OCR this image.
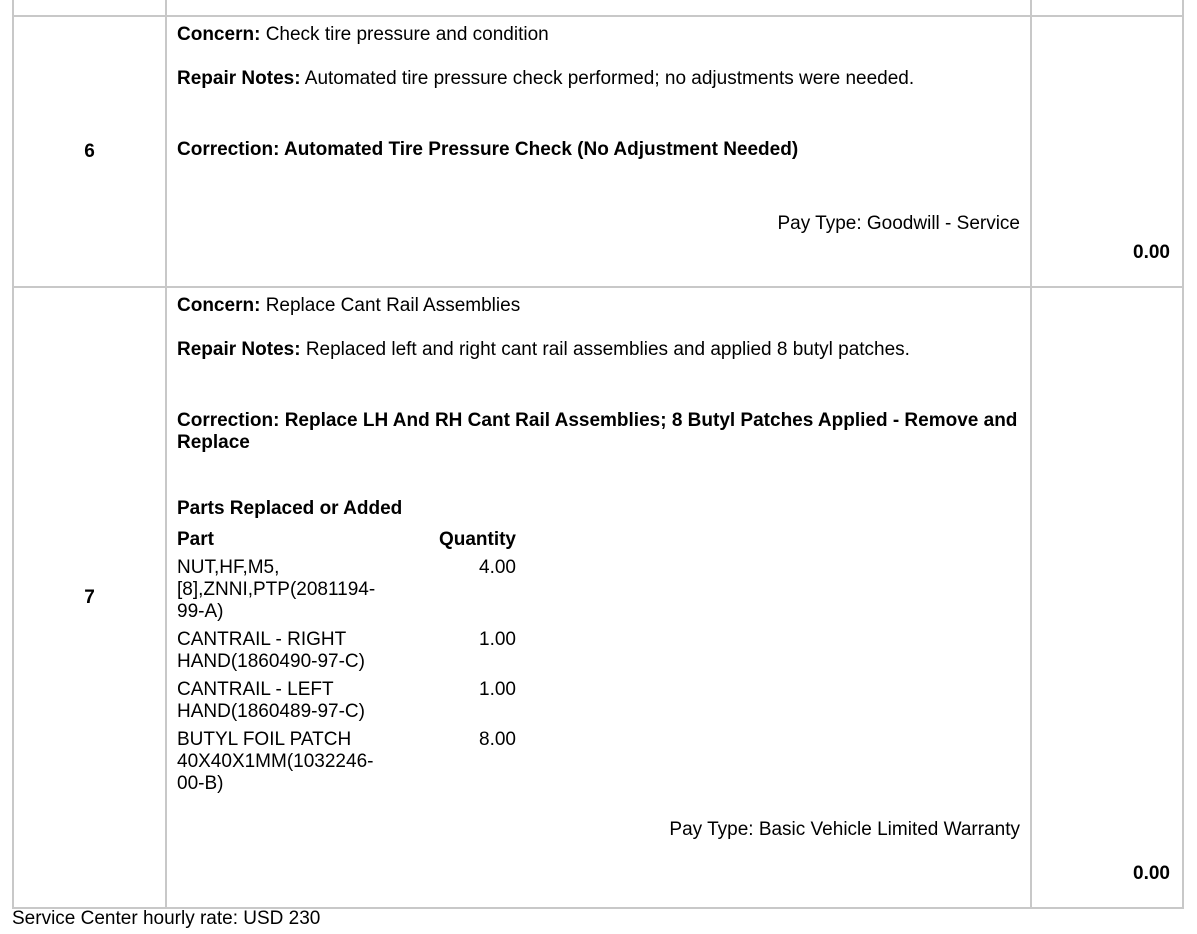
6	

Concern: Check tire pressure and condition

Repair Notes: Automated tire pressure check performed; no adjustments were needed.

Correction: Automated Tire Pressure Check (No Adjustment Needed)

Pay Type: Goodwill - Service

	0.00
7	

Concern: Replace Cant Rail Assemblies

Repair Notes: Replaced left and right cant rail assemblies and applied 8 butyl patches.

Correction: Replace LH And RH Cant Rail Assemblies; 8 Butyl Patches Applied - Remove and Replace

Parts Replaced or Added

Part	Quantity
NUT,HF,M5,[8],ZNNI,PTP(2081194-99-A)	4.00
CANTRAIL - RIGHT HAND(1860490-97-C)	1.00
CANTRAIL - LEFT HAND(1860489-97-C)	1.00
BUTYL FOIL PATCH 40X40X1MM(1032246-00-B)	8.00

Pay Type: Basic Vehicle Limited Warranty

	0.00
Service Center hourly rate: USD 230
